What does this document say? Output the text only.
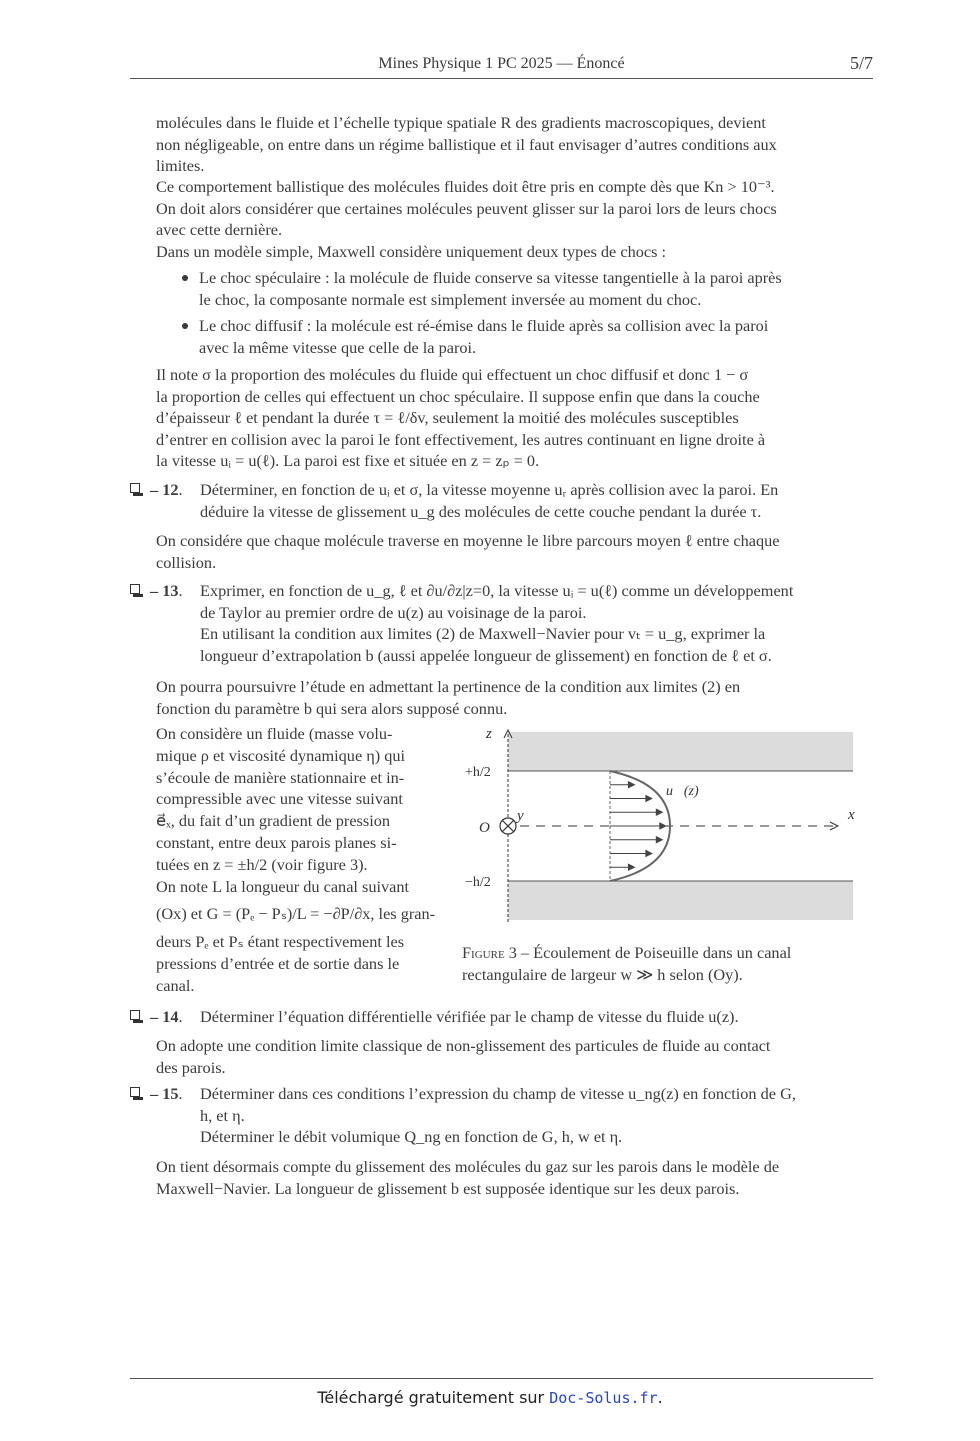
Mines Physique 1 PC 2025 — Énoncé	5/7
molécules dans le fluide et l’échelle typique spatiale R des gradients macroscopiques, devient
non négligeable, on entre dans un régime ballistique et il faut envisager d’autres conditions aux
limites.
Ce comportement ballistique des molécules fluides doit être pris en compte dès que Kn > 10⁻³.
On doit alors considérer que certaines molécules peuvent glisser sur la paroi lors de leurs chocs
avec cette dernière.
Dans un modèle simple, Maxwell considère uniquement deux types de chocs :
Le choc spéculaire : la molécule de fluide conserve sa vitesse tangentielle à la paroi après
le choc, la composante normale est simplement inversée au moment du choc.
Le choc diffusif : la molécule est ré-émise dans le fluide après sa collision avec la paroi
avec la même vitesse que celle de la paroi.
Il note σ la proportion des molécules du fluide qui effectuent un choc diffusif et donc 1 − σ
la proportion de celles qui effectuent un choc spéculaire. Il suppose enfin que dans la couche
d’épaisseur ℓ et pendant la durée τ = ℓ/δv, seulement la moitié des molécules susceptibles
d’entrer en collision avec la paroi le font effectivement, les autres continuant en ligne droite à
la vitesse uᵢ = u(ℓ). La paroi est fixe et située en z = zₚ = 0.
– 12. Déterminer, en fonction de uᵢ et σ, la vitesse moyenne uᵣ après collision avec la paroi. En
déduire la vitesse de glissement u_g des molécules de cette couche pendant la durée τ.
On considére que chaque molécule traverse en moyenne le libre parcours moyen ℓ entre chaque
collision.
– 13. Exprimer, en fonction de u_g, ℓ et ∂u/∂z|z=0, la vitesse uᵢ = u(ℓ) comme un développement
de Taylor au premier ordre de u(z) au voisinage de la paroi.
En utilisant la condition aux limites (2) de Maxwell−Navier pour vₜ = u_g, exprimer la
longueur d’extrapolation b (aussi appelée longueur de glissement) en fonction de ℓ et σ.
On pourra poursuivre l’étude en admettant la pertinence de la condition aux limites (2) en
fonction du paramètre b qui sera alors supposé connu.
On considère un fluide (masse volu-
mique ρ et viscosité dynamique η) qui
s’écoule de manière stationnaire et in-
compressible avec une vitesse suivant
e⃗ₓ, du fait d’un gradient de pression
constant, entre deux parois planes si-
tuées en z = ±h/2 (voir figure 3).
On note L la longueur du canal suivant
(Ox) et G = (Pₑ − Pₛ)/L = −∂P/∂x, les gran-
deurs Pₑ et Pₛ étant respectivement les
pressions d’entrée et de sortie dans le
canal.
z
+h/2
−h/2
O
y	x
u⃗(z)
Figure 3 – Écoulement de Poiseuille dans un canal
rectangulaire de largeur w ≫ h selon (Oy).
– 14. Déterminer l’équation différentielle vérifiée par le champ de vitesse du fluide u(z).
On adopte une condition limite classique de non-glissement des particules de fluide au contact
des parois.
– 15. Déterminer dans ces conditions l’expression du champ de vitesse u_ng(z) en fonction de G,
h, et η.
Déterminer le débit volumique Q_ng en fonction de G, h, w et η.
On tient désormais compte du glissement des molécules du gaz sur les parois dans le modèle de
Maxwell−Navier. La longueur de glissement b est supposée identique sur les deux parois.
Téléchargé gratuitement sur Doc-Solus.fr.
